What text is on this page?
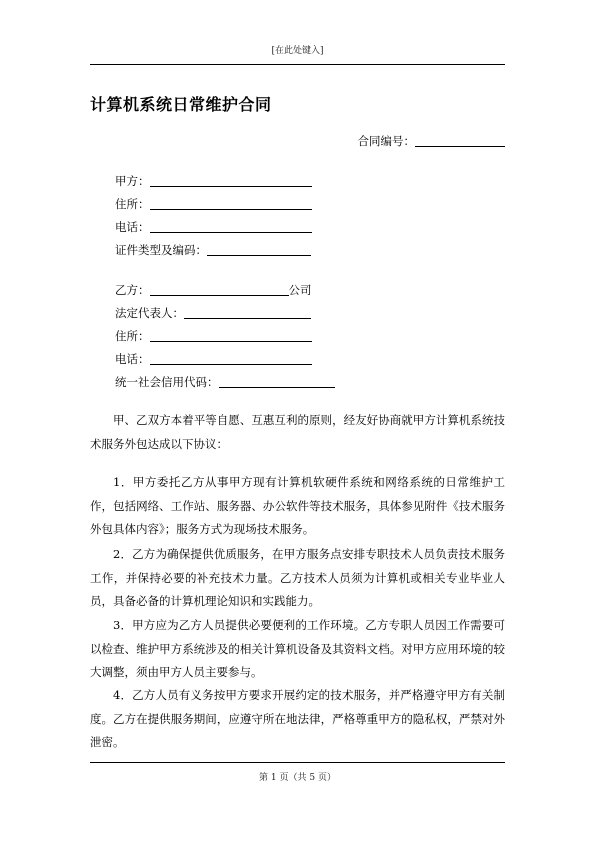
[在此处键入]
计算机系统日常维护合同
合同编号：
甲方：
住所：
电话：
证件类型及编码：
乙方：	公司
法定代表人：
住所：
电话：
统一社会信用代码：
甲、乙双方本着平等自愿、互惠互利的原则，经友好协商就甲方计算机系统技术服务外包达成以下协议：
1．甲方委托乙方从事甲方现有计算机软硬件系统和网络系统的日常维护工作，包括网络、工作站、服务器、办公软件等技术服务，具体参见附件《技术服务外包具体内容》；服务方式为现场技术服务。
2．乙方为确保提供优质服务，在甲方服务点安排专职技术人员负责技术服务工作，并保持必要的补充技术力量。乙方技术人员须为计算机或相关专业毕业人员，具备必备的计算机理论知识和实践能力。
3．甲方应为乙方人员提供必要便利的工作环境。乙方专职人员因工作需要可以检查、维护甲方系统涉及的相关计算机设备及其资料文档。对甲方应用环境的较大调整，须由甲方人员主要参与。
4．乙方人员有义务按甲方要求开展约定的技术服务，并严格遵守甲方有关制度。乙方在提供服务期间，应遵守所在地法律，严格尊重甲方的隐私权，严禁对外泄密。
第 1 页（共 5 页）
